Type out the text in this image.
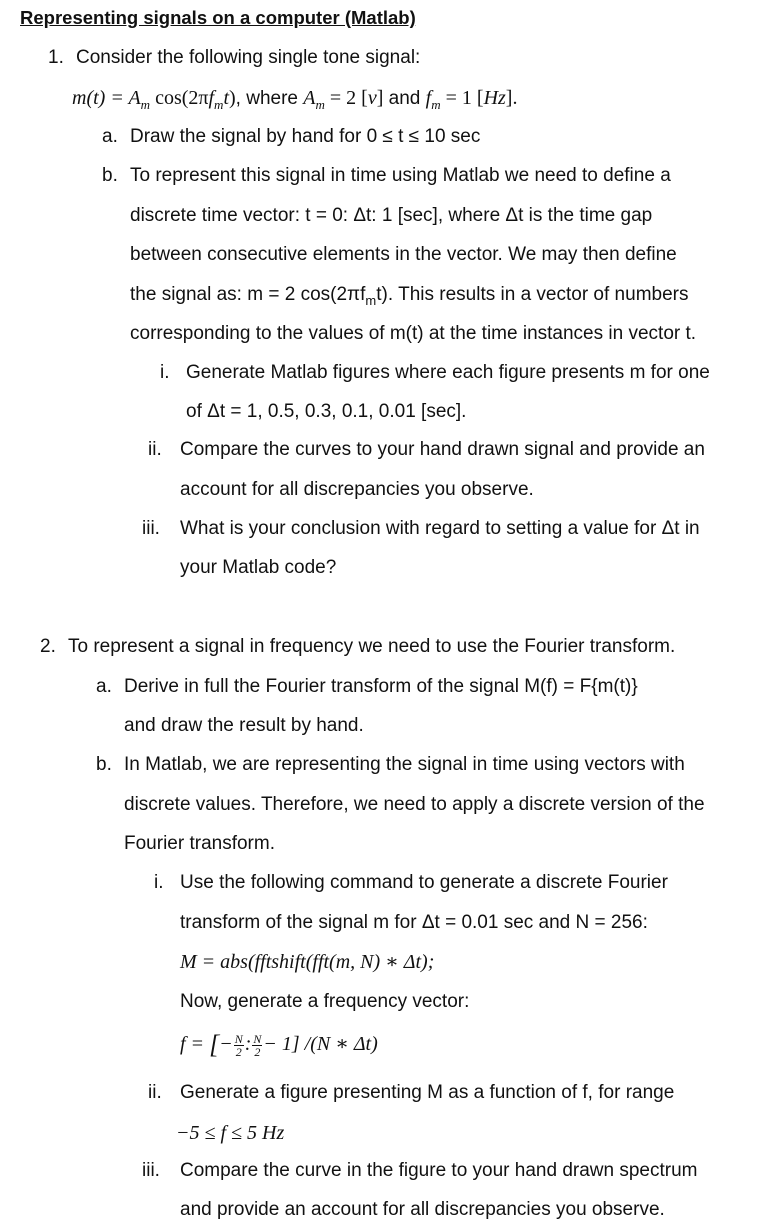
Representing signals on a computer (Matlab)
1. Consider the following single tone signal:
$m(t) = A_m$ $\cos(2\pi f_mt)$, where $A_m = 2$ [v] and $f_m = 1$ [Hz].
a. Draw the signal by hand for 0 ≤ t ≤ 10 sec
b. To represent this signal in time using Matlab we need to define a
discrete time vector: t = 0: Δt: 1 [sec], where Δt is the time gap
between consecutive elements in the vector. We may then define
the signal as: m = 2 $\cos(2\pi f_mt)$. This results in a vector of numbers
corresponding to the values of m(t) at the time instances in vector t.
i. Generate Matlab figures where each figure presents m for one
of Δt = 1, 0.5, 0.3, 0.1, 0.01 [sec].
ii. Compare the curves to your hand drawn signal and provide an
account for all discrepancies you observe.
iii. What is your conclusion with regard to setting a value for Δt in
your Matlab code?
2. To represent a signal in frequency we need to use the Fourier transform.
a. Derive in full the Fourier transform of the signal M(f) = F{m(t)}
and draw the result by hand.
b. In Matlab, we are representing the signal in time using vectors with
discrete values. Therefore, we need to apply a discrete version of the
Fourier transform.
i. Use the following command to generate a discrete Fourier
transform of the signal m for Δt = 0.01 sec and N = 256:
M = abs(fftshift(fft(m, N) ∗ Δt);
Now, generate a frequency vector:
f = [− $\frac{N}{2}$ : $\frac{N}{2} - 1$] /(N ∗ Δt)
ii. Generate a figure presenting M as a function of f, for range
−5 ≤ f ≤ 5 Hz
iii. Compare the curve in the figure to your hand drawn spectrum
and provide an account for all discrepancies you observe.
